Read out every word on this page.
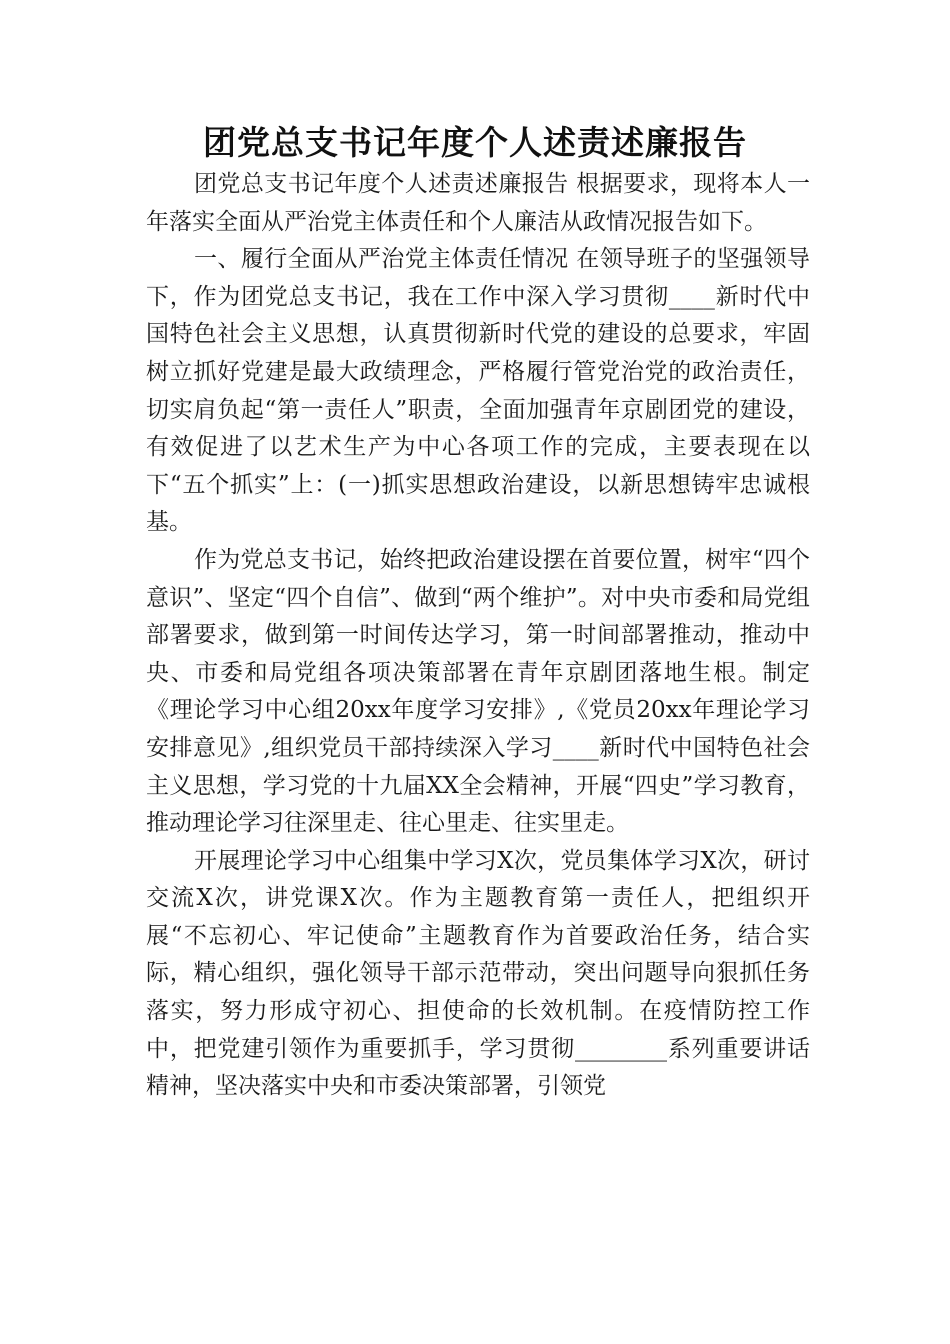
团党总支书记年度个人述责述廉报告

团党总支书记年度个人述责述廉报告 根据要求，现将本人一年落实全面从严治党主体责任和个人廉洁从政情况报告如下。

一、履行全面从严治党主体责任情况 在领导班子的坚强领导下，作为团党总支书记，我在工作中深入学习贯彻____新时代中国特色社会主义思想，认真贯彻新时代党的建设的总要求，牢固树立抓好党建是最大政绩理念，严格履行管党治党的政治责任，切实肩负起“第一责任人”职责，全面加强青年京剧团党的建设，有效促进了以艺术生产为中心各项工作的完成，主要表现在以下“五个抓实”上：(一)抓实思想政治建设，以新思想铸牢忠诚根基。

作为党总支书记，始终把政治建设摆在首要位置，树牢“四个意识”、坚定“四个自信”、做到“两个维护”。对中央市委和局党组部署要求，做到第一时间传达学习，第一时间部署推动，推动中央、市委和局党组各项决策部署在青年京剧团落地生根。制定《理论学习中心组20xx年度学习安排》,《党员20xx年理论学习安排意见》,组织党员干部持续深入学习____新时代中国特色社会主义思想，学习党的十九届XX全会精神，开展“四史”学习教育，推动理论学习往深里走、往心里走、往实里走。

开展理论学习中心组集中学习X次，党员集体学习X次，研讨交流X次，讲党课X次。作为主题教育第一责任人，把组织开展“不忘初心、牢记使命”主题教育作为首要政治任务，结合实际，精心组织，强化领导干部示范带动，突出问题导向狠抓任务落实，努力形成守初心、担使命的长效机制。在疫情防控工作中，把党建引领作为重要抓手，学习贯彻________系列重要讲话精神，坚决落实中央和市委决策部署，引领党
